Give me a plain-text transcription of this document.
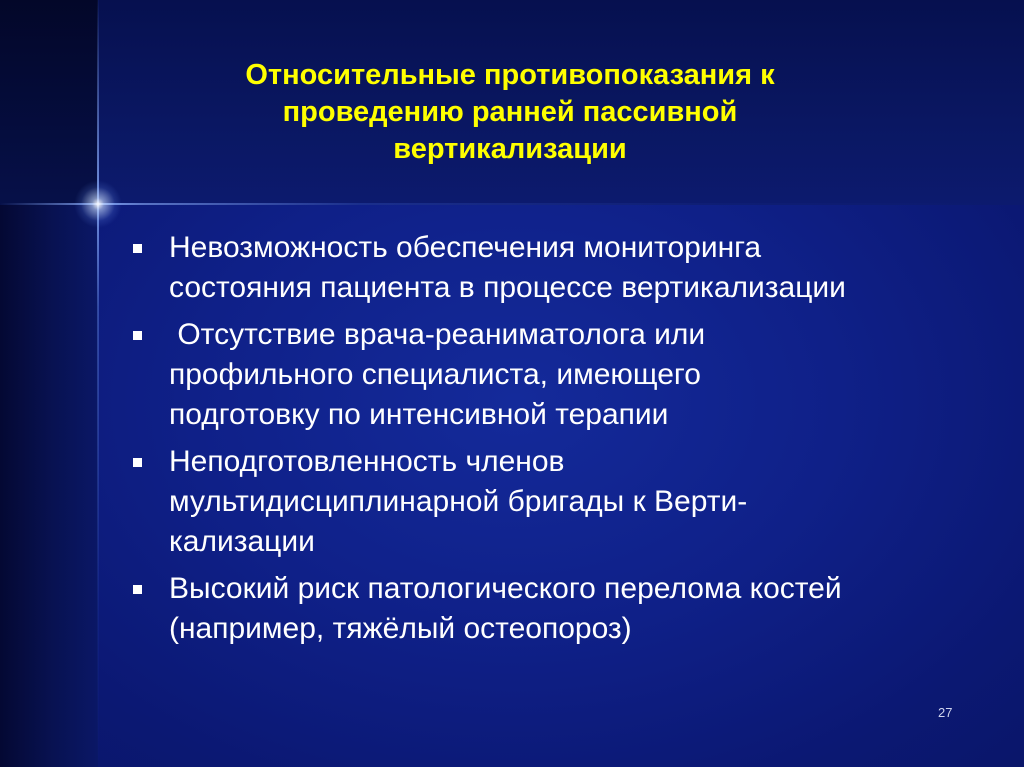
Относительные противопоказания к
проведению ранней пассивной
вертикализации
Невозможность обеспечения мониторинга
состояния пациента в процессе вертикализации
Отсутствие врача-реаниматолога или
профильного специалиста, имеющего
подготовку по интенсивной терапии
Неподготовленность членов
мультидисциплинарной бригады к Верти-
кализации
Высокий риск патологического перелома костей
(например, тяжёлый остеопороз)
27
